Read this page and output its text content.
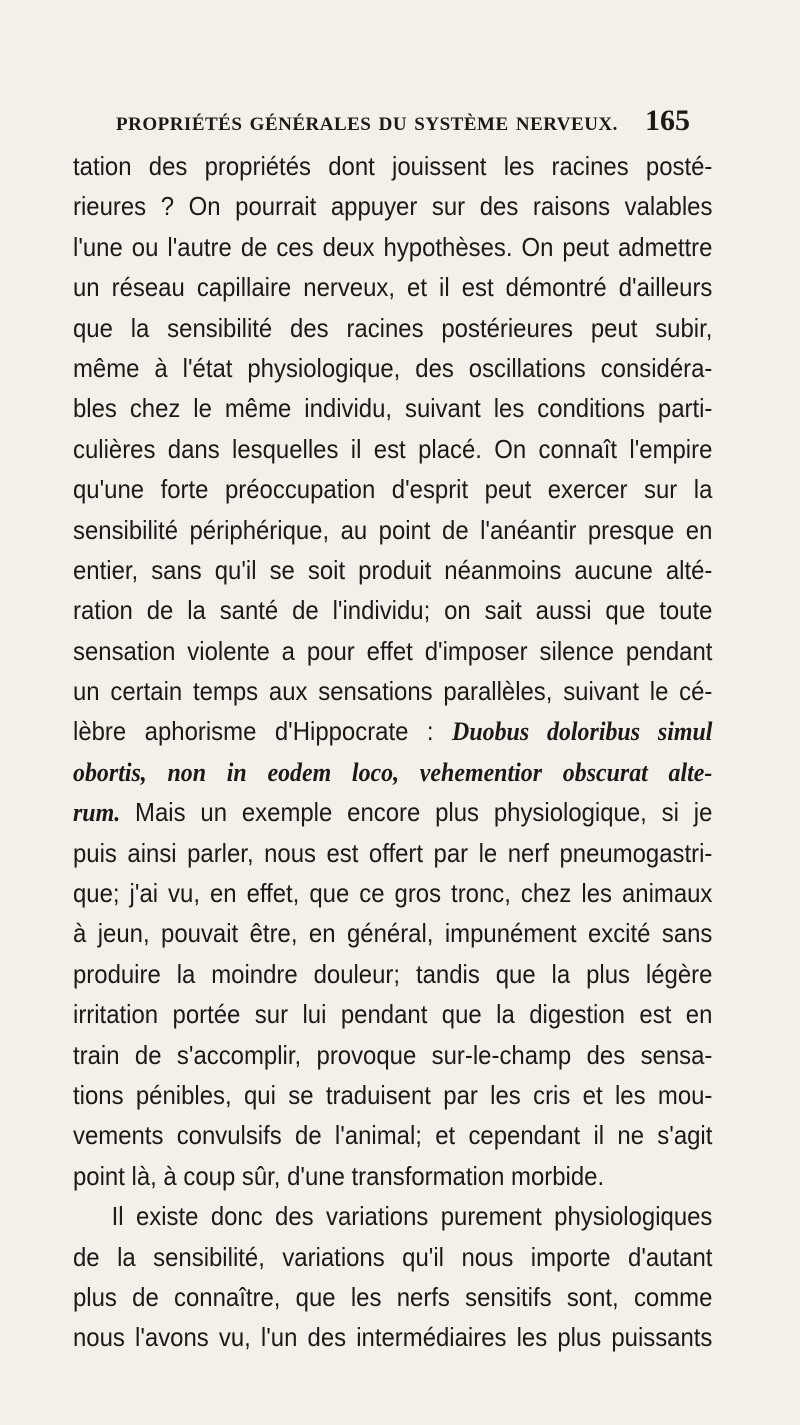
PROPRIÉTÉS GÉNÉRALES DU SYSTÈME NERVEUX. 165
tation des propriétés dont jouissent les racines posté-
rieures ? On pourrait appuyer sur des raisons valables
l'une ou l'autre de ces deux hypothèses. On peut admettre
un réseau capillaire nerveux, et il est démontré d'ailleurs
que la sensibilité des racines postérieures peut subir,
même à l'état physiologique, des oscillations considéra-
bles chez le même individu, suivant les conditions parti-
culières dans lesquelles il est placé. On connaît l'empire
qu'une forte préoccupation d'esprit peut exercer sur la
sensibilité périphérique, au point de l'anéantir presque en
entier, sans qu'il se soit produit néanmoins aucune alté-
ration de la santé de l'individu; on sait aussi que toute
sensation violente a pour effet d'imposer silence pendant
un certain temps aux sensations parallèles, suivant le cé-
lèbre aphorisme d'Hippocrate : Duobus doloribus simul
obortis, non in eodem loco, vehementior obscurat alte-
rum. Mais un exemple encore plus physiologique, si je
puis ainsi parler, nous est offert par le nerf pneumogastri-
que; j'ai vu, en effet, que ce gros tronc, chez les animaux
à jeun, pouvait être, en général, impunément excité sans
produire la moindre douleur; tandis que la plus légère
irritation portée sur lui pendant que la digestion est en
train de s'accomplir, provoque sur-le-champ des sensa-
tions pénibles, qui se traduisent par les cris et les mou-
vements convulsifs de l'animal; et cependant il ne s'agit
point là, à coup sûr, d'une transformation morbide.
Il existe donc des variations purement physiologiques
de la sensibilité, variations qu'il nous importe d'autant
plus de connaître, que les nerfs sensitifs sont, comme
nous l'avons vu, l'un des intermédiaires les plus puissants
